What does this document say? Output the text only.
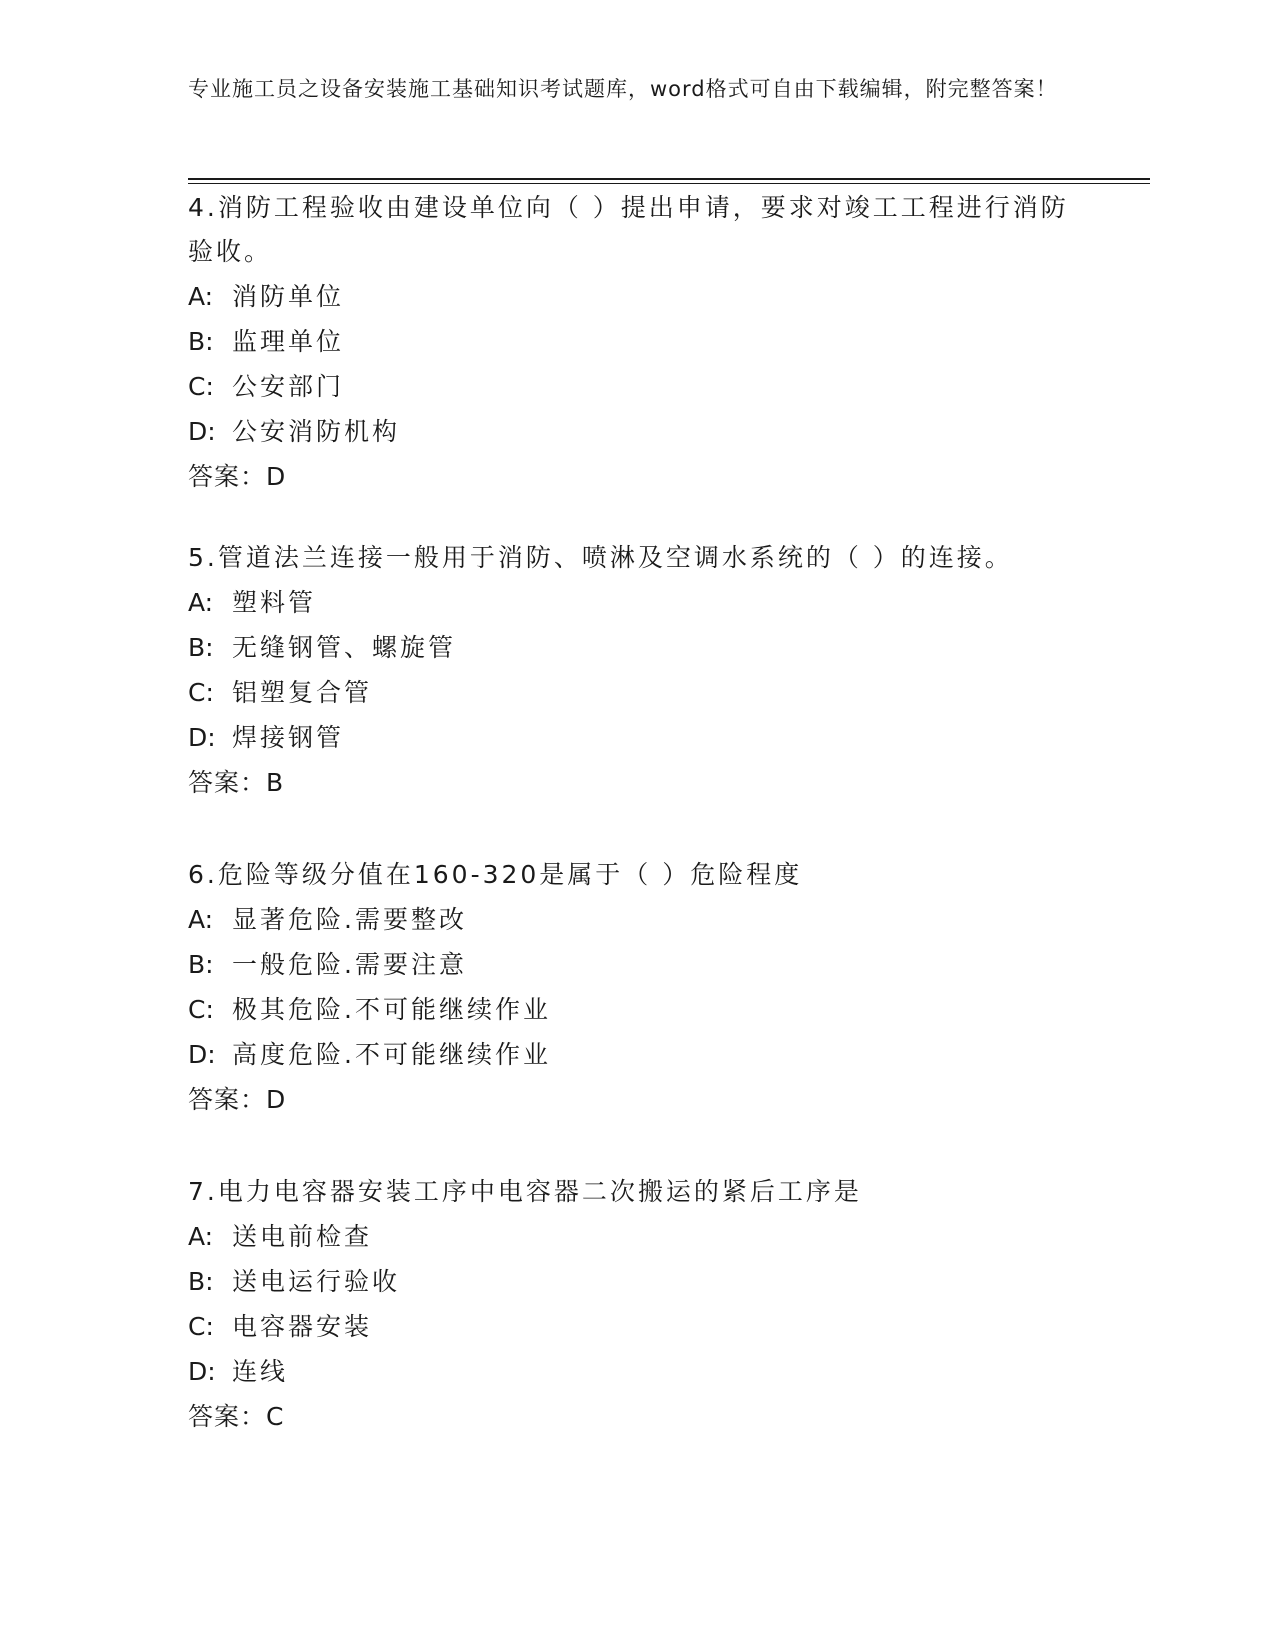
专业施工员之设备安装施工基础知识考试题库，word格式可自由下载编辑，附完整答案！

4.消防工程验收由建设单位向（ ）提出申请，要求对竣工工程进行消防验收。

A: 消防单位

B: 监理单位

C: 公安部门

D: 公安消防机构

答案：D

5.管道法兰连接一般用于消防、喷淋及空调水系统的（ ）的连接。

A: 塑料管

B: 无缝钢管、螺旋管

C: 铝塑复合管

D: 焊接钢管

答案：B

6.危险等级分值在160-320是属于（ ）危险程度

A: 显著危险.需要整改

B: 一般危险.需要注意

C: 极其危险.不可能继续作业

D: 高度危险.不可能继续作业

答案：D

7.电力电容器安装工序中电容器二次搬运的紧后工序是

A: 送电前检查

B: 送电运行验收

C: 电容器安装

D: 连线

答案：C
